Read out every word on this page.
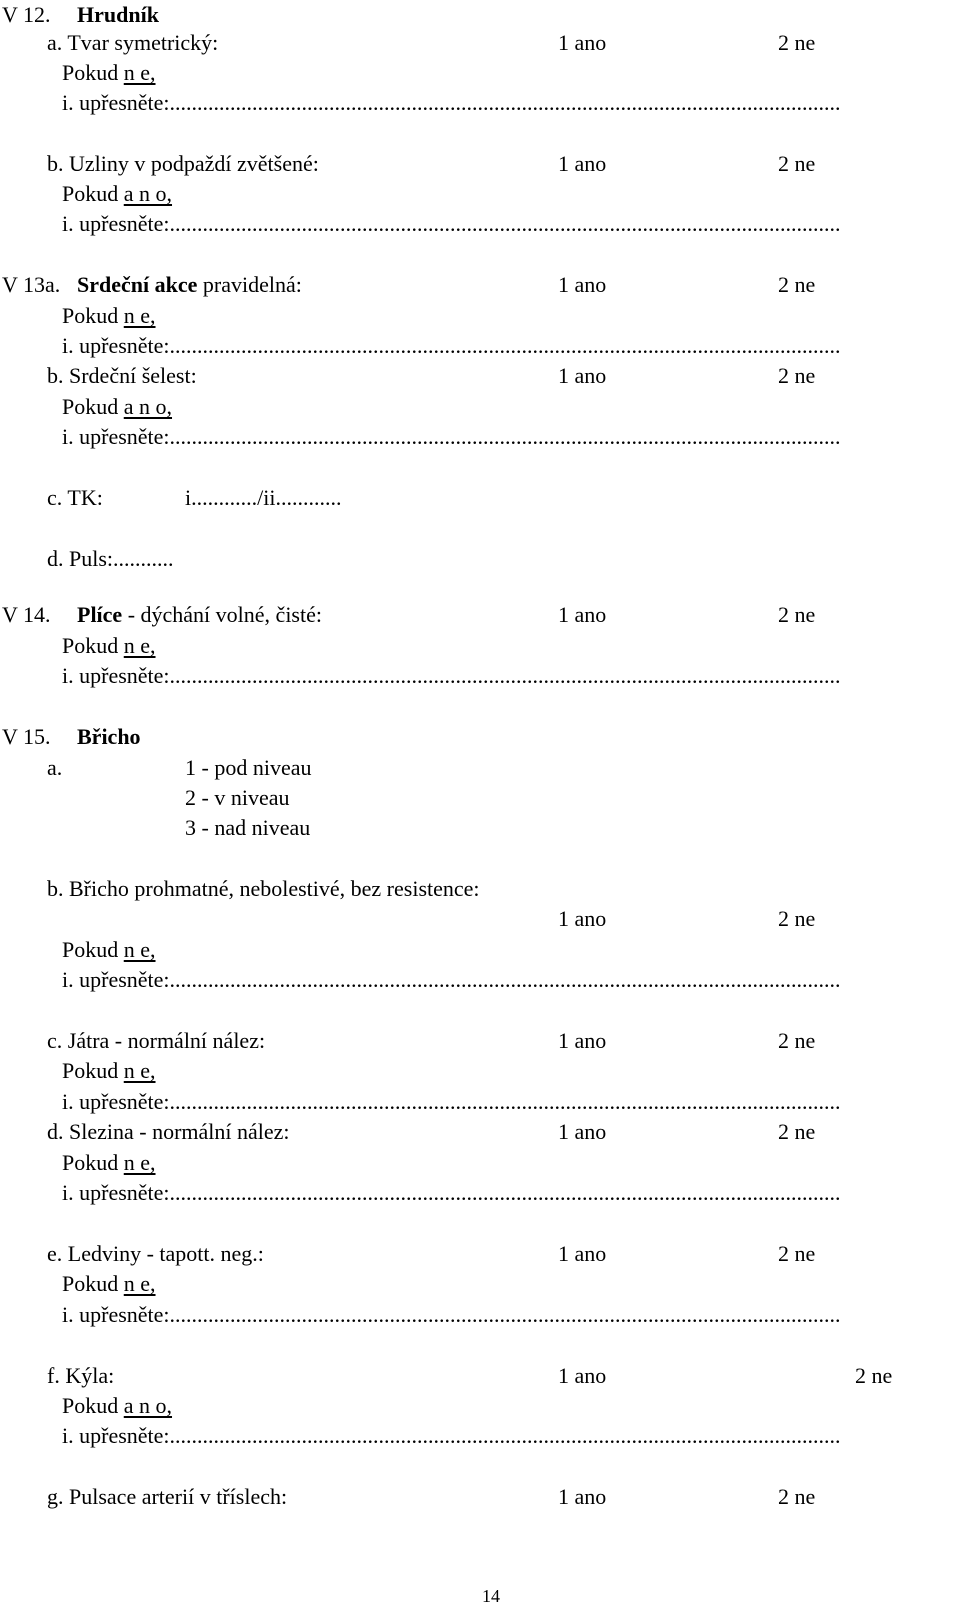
V 12. Hrudník
a. Tvar symetrický:	1 ano	2 ne
Pokud n e,
i. upřesněte:..........................................................................................................................
b. Uzliny v podpaždí zvětšené:	1 ano	2 ne
Pokud a n o,
i. upřesněte:..........................................................................................................................
V 13a. Srdeční akce pravidelná:	1 ano	2 ne
Pokud n e,
i. upřesněte:..........................................................................................................................
b. Srdeční šelest:	1 ano	2 ne
Pokud a n o,
i. upřesněte:..........................................................................................................................
c. TK:	i............/ii............
d. Puls:...........
V 14. Plíce - dýchání volné, čisté:	1 ano	2 ne
Pokud n e,
i. upřesněte:..........................................................................................................................
V 15. Břicho
a.	1 - pod niveau
2 - v niveau
3 - nad niveau
b. Břicho prohmatné, nebolestivé, bez resistence:
1 ano	2 ne
Pokud n e,
i. upřesněte:..........................................................................................................................
c. Játra - normální nález:	1 ano	2 ne
Pokud n e,
i. upřesněte:..........................................................................................................................
d. Slezina - normální nález:	1 ano	2 ne
Pokud n e,
i. upřesněte:..........................................................................................................................
e. Ledviny - tapott. neg.:	1 ano	2 ne
Pokud n e,
i. upřesněte:..........................................................................................................................
f. Kýla:	1 ano	2 ne
Pokud a n o,
i. upřesněte:..........................................................................................................................
g. Pulsace arterií v tříslech:	1 ano	2 ne
14
